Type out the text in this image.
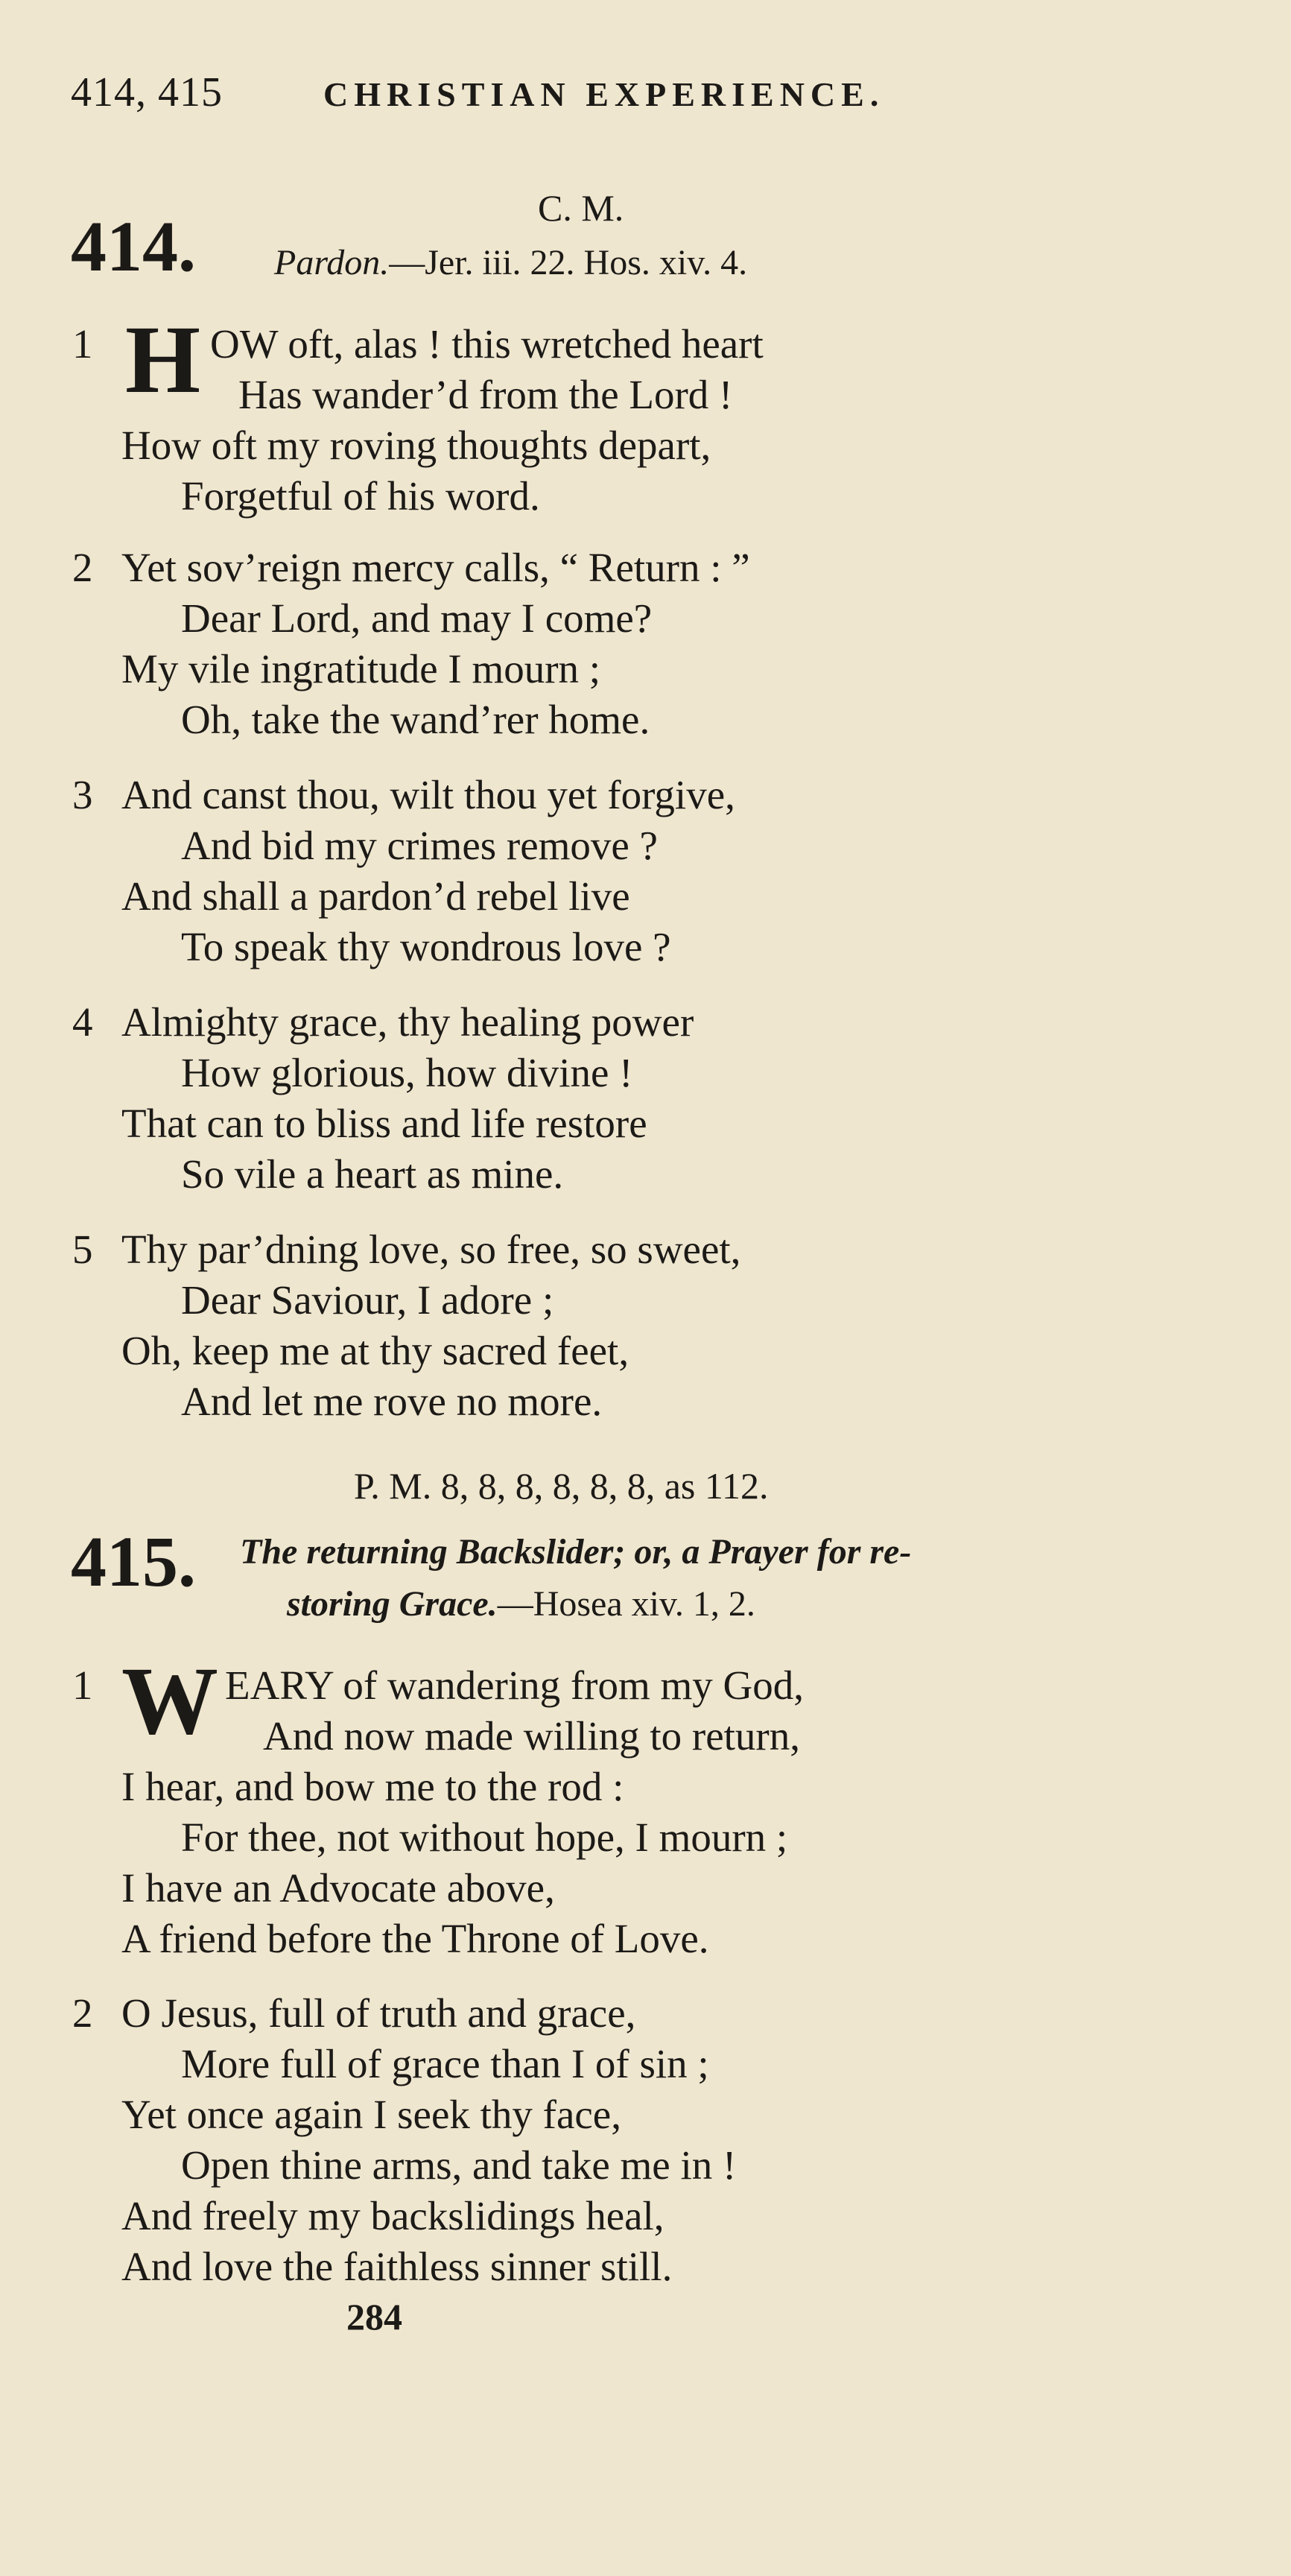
414, 415	CHRISTIAN EXPERIENCE.
414.	C. M.
Pardon.—Jer. iii. 22. Hos. xiv. 4.
1 H OW oft, alas ! this wretched heart
Has wander’d from the Lord !
How oft my roving thoughts depart,
Forgetful of his word.
2 Yet sov’reign mercy calls, “ Return : ”
Dear Lord, and may I come?
My vile ingratitude I mourn ;
Oh, take the wand’rer home.
3 And canst thou, wilt thou yet forgive,
And bid my crimes remove ?
And shall a pardon’d rebel live
To speak thy wondrous love ?
4 Almighty grace, thy healing power
How glorious, how divine !
That can to bliss and life restore
So vile a heart as mine.
5 Thy par’dning love, so free, so sweet,
Dear Saviour, I adore ;
Oh, keep me at thy sacred feet,
And let me rove no more.
P. M. 8, 8, 8, 8, 8, 8, as 112.
415. The returning Backslider; or, a Prayer for re-
storing Grace.—Hosea xiv. 1, 2.
1 W EARY of wandering from my God,
And now made willing to return,
I hear, and bow me to the rod :
For thee, not without hope, I mourn ;
I have an Advocate above,
A friend before the Throne of Love.
2 O Jesus, full of truth and grace,
More full of grace than I of sin ;
Yet once again I seek thy face,
Open thine arms, and take me in !
And freely my backslidings heal,
And love the faithless sinner still.
284
